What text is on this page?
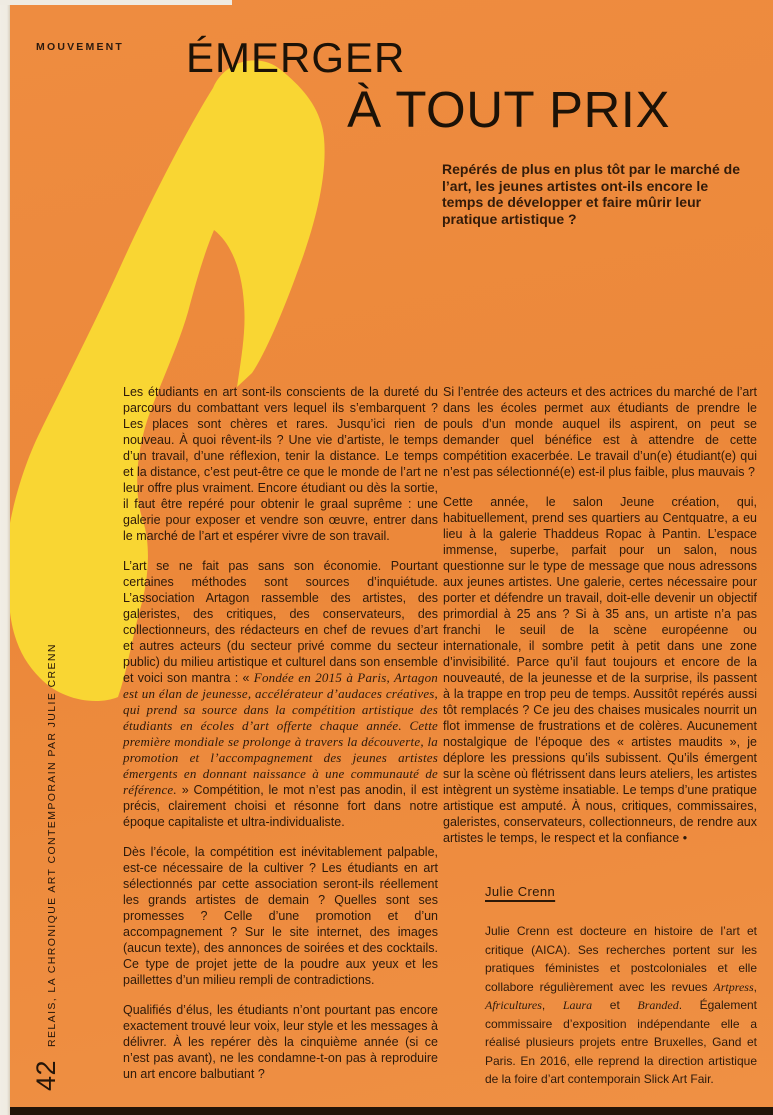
MOUVEMENT ÉMERGER
À TOUT PRIX

Repérés de plus en plus tôt par le marché de l’art, les jeunes artistes ont-ils encore le temps de développer et faire mûrir leur pratique artistique ?

Les étudiants en art sont-ils conscients de la dureté du parcours du combattant vers lequel ils s’embarquent ? Les places sont chères et rares. Jusqu’ici rien de nouveau. À quoi rêvent-ils ? Une vie d’artiste, le temps d’un travail, d’une réflexion, tenir la distance. Le temps et la distance, c’est peut-être ce que le monde de l’art ne leur offre plus vraiment. Encore étudiant ou dès la sortie, il faut être repéré pour obtenir le graal suprême : une galerie pour exposer et vendre son œuvre, entrer dans le marché de l’art et espérer vivre de son travail.

L’art se ne fait pas sans son économie. Pourtant certaines méthodes sont sources d’inquiétude. L’association Artagon rassemble des artistes, des galeristes, des critiques, des conservateurs, des collectionneurs, des rédacteurs en chef de revues d’art et autres acteurs (du secteur privé comme du secteur public) du milieu artistique et culturel dans son ensemble et voici son mantra : « Fondée en 2015 à Paris, Artagon est un élan de jeunesse, accélérateur d’audaces créatives, qui prend sa source dans la compétition artistique des étudiants en écoles d’art offerte chaque année. Cette première mondiale se prolonge à travers la découverte, la promotion et l’accompagnement des jeunes artistes émergents en donnant naissance à une communauté de référence. » Compétition, le mot n’est pas anodin, il est précis, clairement choisi et résonne fort dans notre époque capitaliste et ultra-individualiste.

Dès l’école, la compétition est inévitablement palpable, est-ce nécessaire de la cultiver ? Les étudiants en art sélectionnés par cette association seront-ils réellement les grands artistes de demain ? Quelles sont ses promesses ? Celle d’une promotion et d’un accompagnement ? Sur le site internet, des images (aucun texte), des annonces de soirées et des cocktails. Ce type de projet jette de la poudre aux yeux et les paillettes d’un milieu rempli de contradictions.

Qualifiés d’élus, les étudiants n’ont pourtant pas encore exactement trouvé leur voix, leur style et les messages à délivrer. À les repérer dès la cinquième année (si ce n’est pas avant), ne les condamne-t-on pas à reproduire un art encore balbutiant ?

Si l’entrée des acteurs et des actrices du marché de l’art dans les écoles permet aux étudiants de prendre le pouls d’un monde auquel ils aspirent, on peut se demander quel bénéfice est à attendre de cette compétition exacerbée. Le travail d’un(e) étudiant(e) qui n’est pas sélectionné(e) est-il plus faible, plus mauvais ?

Cette année, le salon Jeune création, qui, habituellement, prend ses quartiers au Centquatre, a eu lieu à la galerie Thaddeus Ropac à Pantin. L’espace immense, superbe, parfait pour un salon, nous questionne sur le type de message que nous adressons aux jeunes artistes. Une galerie, certes nécessaire pour porter et défendre un travail, doit-elle devenir un objectif primordial à 25 ans ? Si à 35 ans, un artiste n’a pas franchi le seuil de la scène européenne ou internationale, il sombre petit à petit dans une zone d’invisibilité. Parce qu’il faut toujours et encore de la nouveauté, de la jeunesse et de la surprise, ils passent à la trappe en trop peu de temps. Aussitôt repérés aussi tôt remplacés ? Ce jeu des chaises musicales nourrit un flot immense de frustrations et de colères. Aucunement nostalgique de l’époque des « artistes maudits », je déplore les pressions qu’ils subissent. Qu’ils émergent sur la scène où flétrissent dans leurs ateliers, les artistes intègrent un système insatiable. Le temps d’une pratique artistique est amputé. À nous, critiques, commissaires, galeristes, conservateurs, collectionneurs, de rendre aux artistes le temps, le respect et la confiance •

Julie Crenn

Julie Crenn est docteure en histoire de l’art et critique (AICA). Ses recherches portent sur les pratiques féministes et postcoloniales et elle collabore régulièrement avec les revues Artpress, Africultures, Laura et Branded. Également commissaire d’exposition indépendante elle a réalisé plusieurs projets entre Bruxelles, Gand et Paris. En 2016, elle reprend la direction artistique de la foire d’art contemporain Slick Art Fair.

42
RELAIS, LA CHRONIQUE ART CONTEMPORAIN PAR JULIE CRENN
